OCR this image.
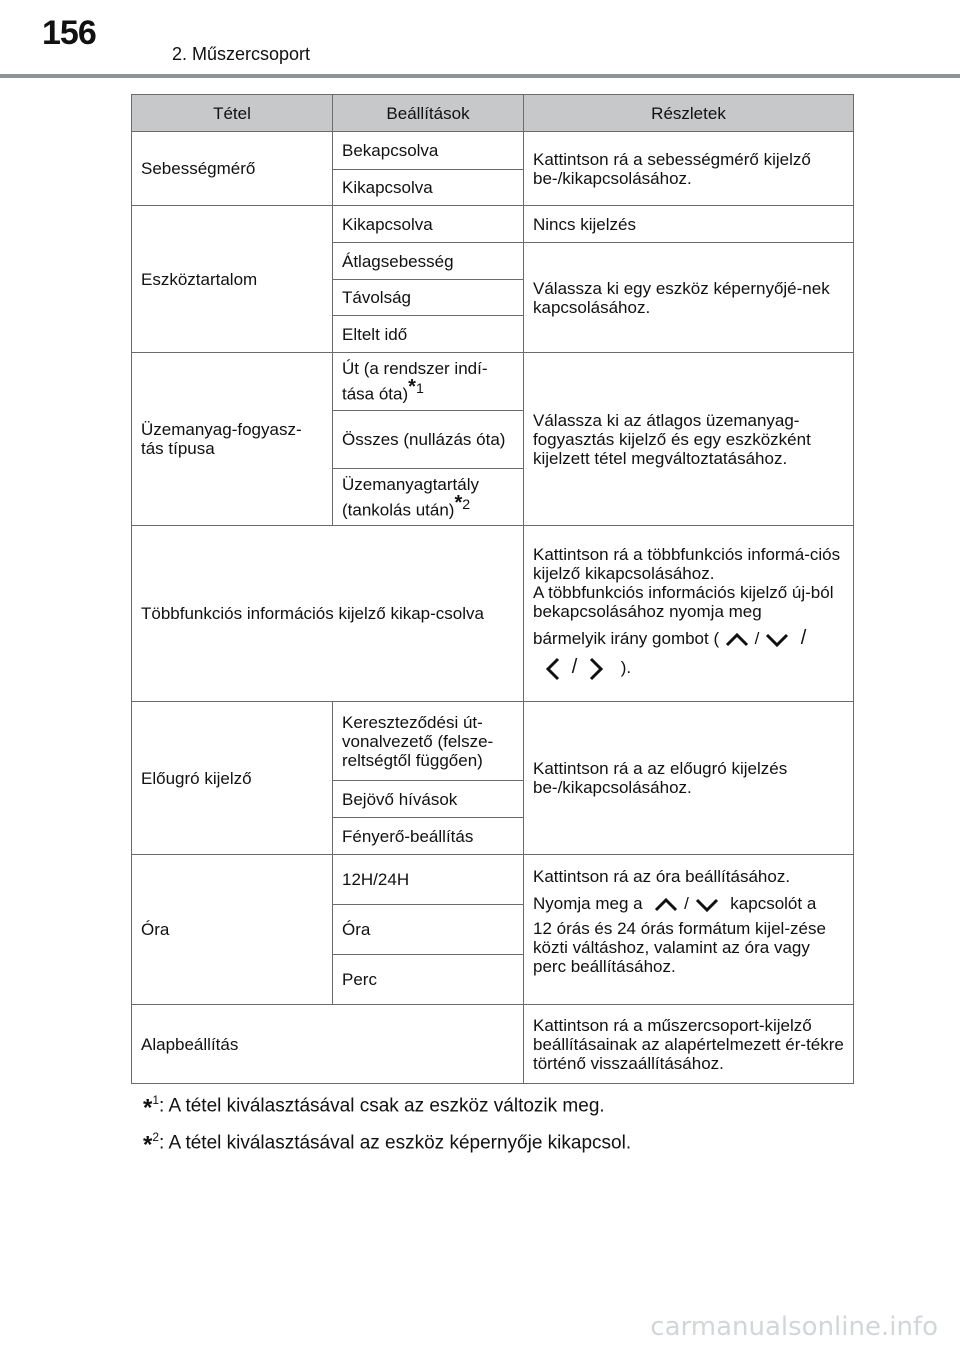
156
2. Műszercsoport
Tétel	Beállítások	Részletek
Sebességmérő	Bekapcsolva	Kattintson rá a sebességmérő kijelző be-/kikapcsolásához.
	Kikapcsolva	
Eszköztartalom	Kikapcsolva	Nincs kijelzés
	Átlagsebesség	Válassza ki egy eszköz képernyőjé-nek kapcsolásához.
	Távolság	
	Eltelt idő	
Üzemanyag-fogyasz-tás típusa	Út (a rendszer indí-tása óta)$^{*1}$	Válassza ki az átlagos üzemanyag-fogyasztás kijelző és egy eszközként kijelzett tétel megváltoztatásához.
	Összes (nullázás óta)	
	Üzemanyagtartály (tankolás után)$^{*2}$
Többfunkciós információs kijelző kikap-csolva		Kattintson rá a többfunkciós informá-ciós kijelző kikapcsolásához.
A többfunkciós információs kijelző új-ból bekapcsolásához nyomja meg
bármelyik irány gombot ( / /
/ ).

Előugró kijelző	Kereszteződési út-vonalvezető (felsze-reltségtől függően)	Kattintson rá a az előugró kijelzés be-/kikapcsolásához.
	Bejövő hívások	
	Fényerő-beállítás	
Óra	12H/24H	Kattintson rá az óra beállításához.
Nyomja meg a / kapcsolót a
12 órás és 24 órás formátum kijel-zése közti váltáshoz, valamint az óra vagy perc beállításához.

	Óra	
	Perc	
Alapbeállítás		Kattintson rá a műszercsoport-kijelző beállításainak az alapértelmezett ér-tékre történő visszaállításához.
*$^1$: A tétel kiválasztásával csak az eszköz változik meg.
*$^2$: A tétel kiválasztásával az eszköz képernyője kikapcsol.
carmanualsonline.info
